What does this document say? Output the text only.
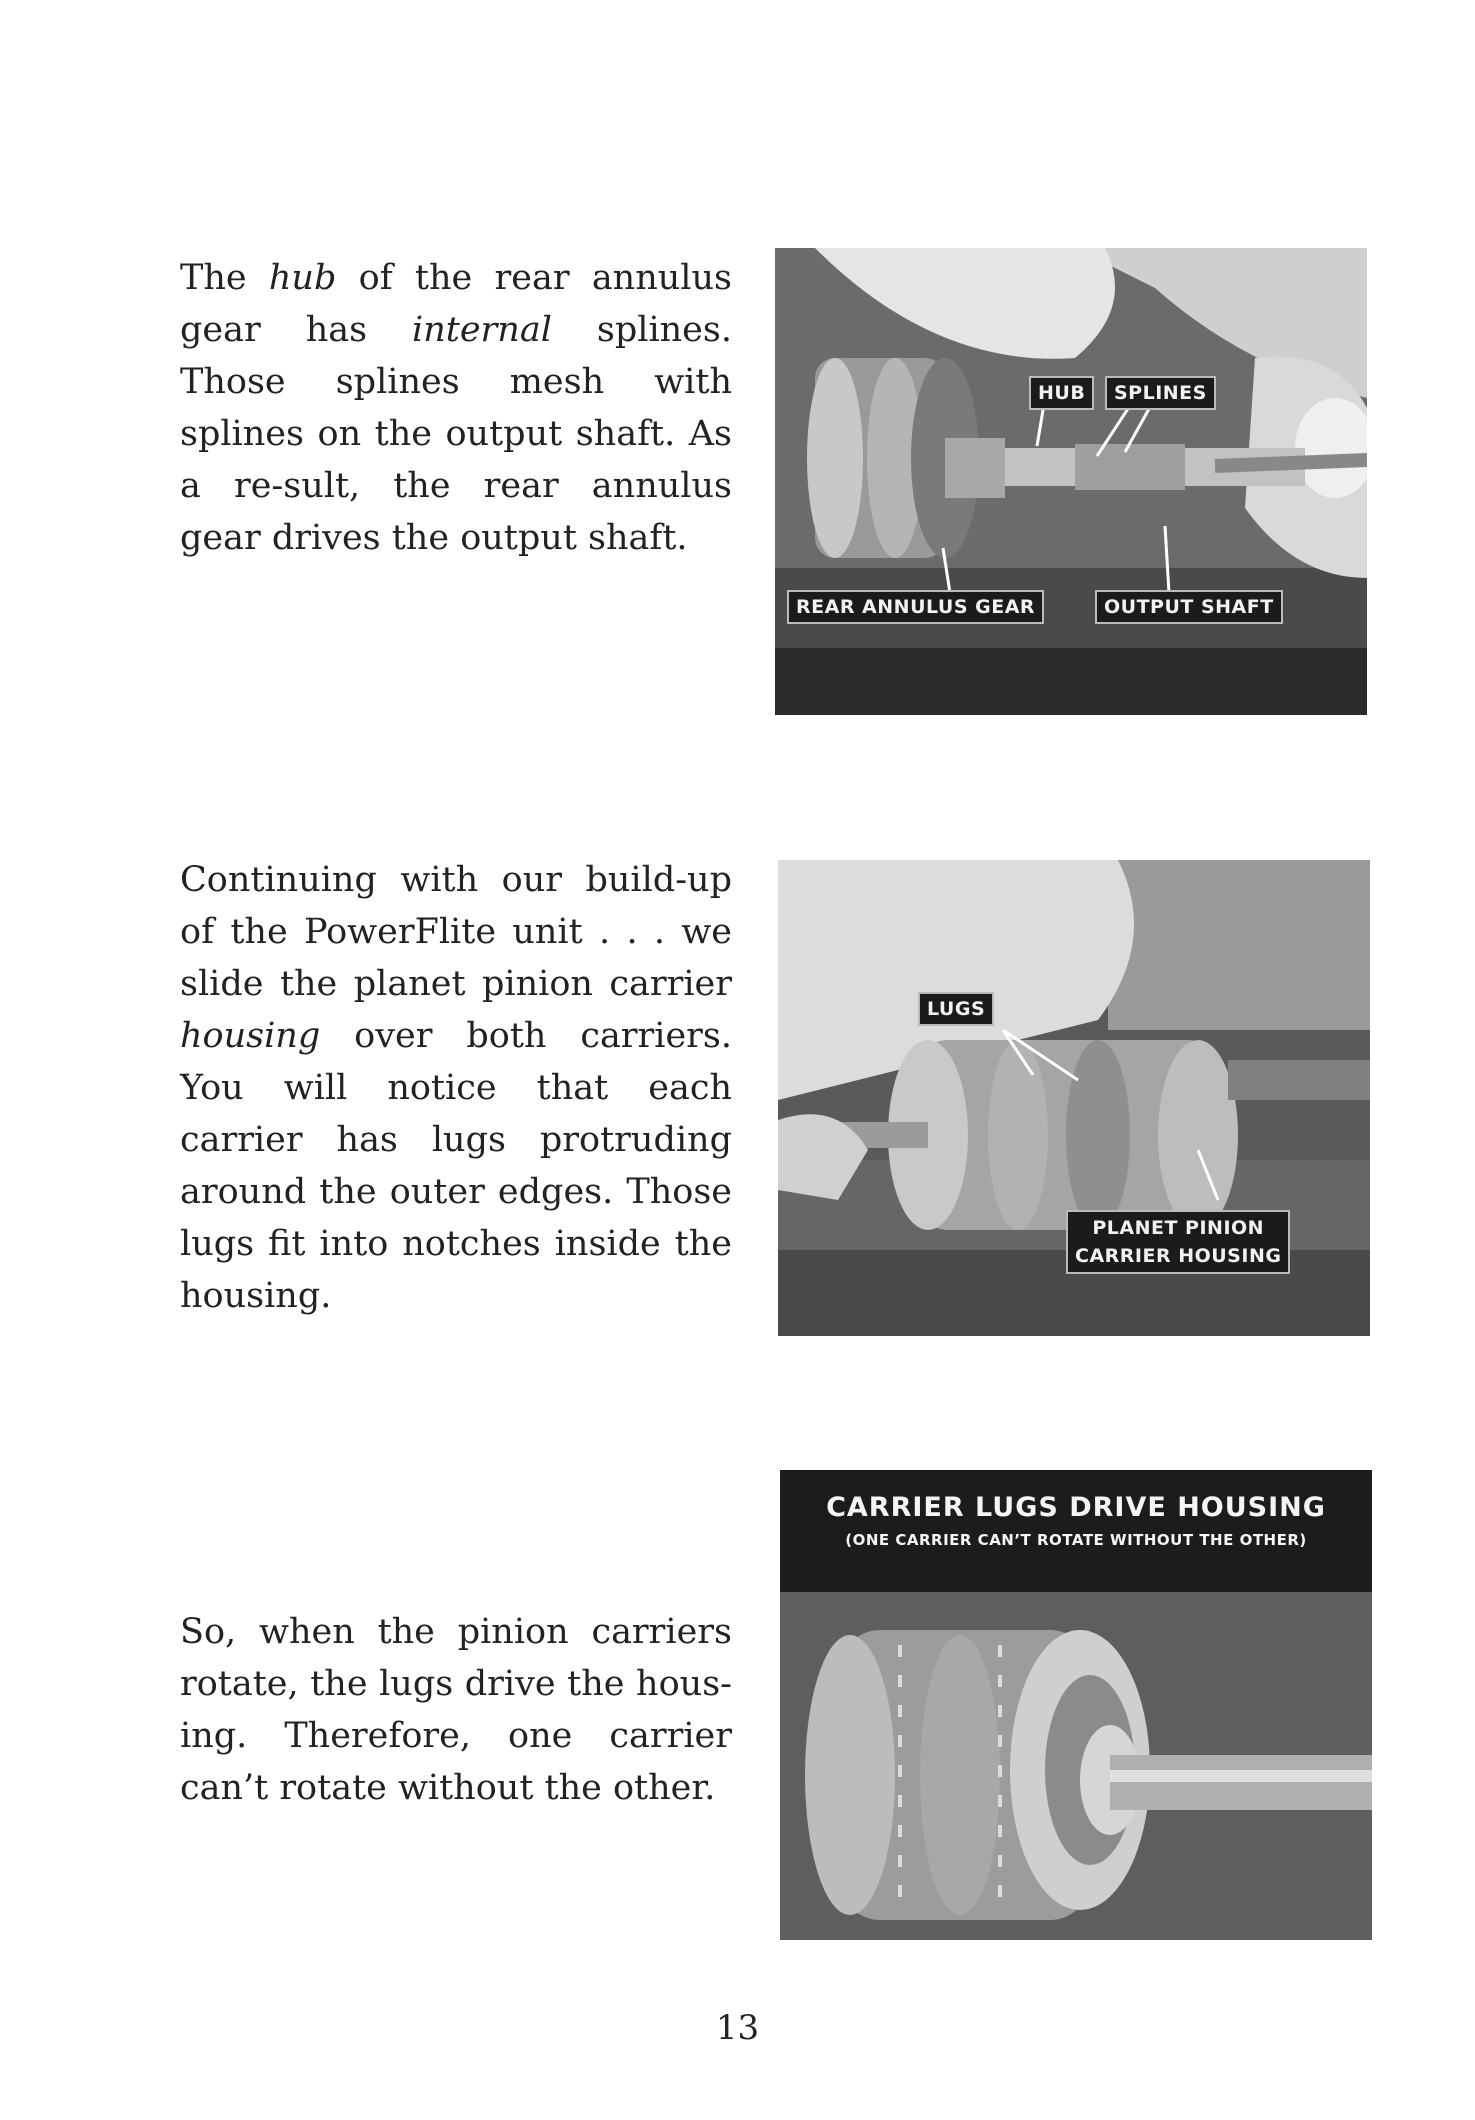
The hub of the rear annulus gear has internal splines. Those splines mesh with splines on the output shaft. As a re-sult, the rear annulus gear drives the output shaft.
HUB	SPLINES
REAR ANNULUS GEAR	OUTPUT SHAFT
Continuing with our build-up of the PowerFlite unit . . . we slide the planet pinion carrier housing over both carriers. You will notice that each carrier has lugs protruding around the outer edges. Those lugs fit into notches inside the housing.
LUGS
PLANET PINION
CARRIER HOUSING
So, when the pinion carriers rotate, the lugs drive the hous-ing. Therefore, one carrier can’t rotate without the other.
CARRIER LUGS DRIVE HOUSING
(ONE CARRIER CAN’T ROTATE WITHOUT THE OTHER)
13
